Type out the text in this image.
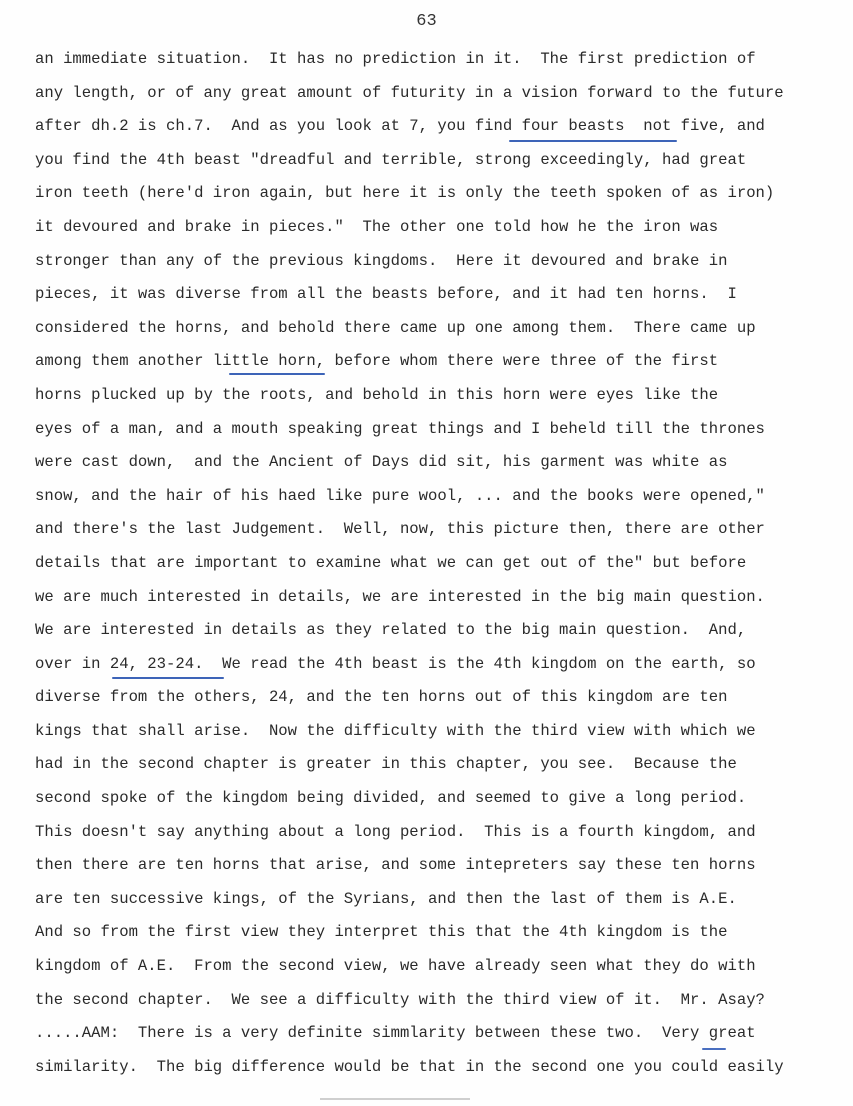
63
an immediate situation.  It has no prediction in it.  The first prediction of
any length, or of any great amount of futurity in a vision forward to the future
after dh.2 is ch.7.  And as you look at 7, you find four beasts  not five, and
you find the 4th beast "dreadful and terrible, strong exceedingly, had great
iron teeth (here'd iron again, but here it is only the teeth spoken of as iron)
it devoured and brake in pieces."  The other one told how he the iron was
stronger than any of the previous kingdoms.  Here it devoured and brake in
pieces, it was diverse from all the beasts before, and it had ten horns.  I
considered the horns, and behold there came up one among them.  There came up
among them another little horn, before whom there were three of the first
horns plucked up by the roots, and behold in this horn were eyes like the
eyes of a man, and a mouth speaking great things and I beheld till the thrones
were cast down,  and the Ancient of Days did sit, his garment was white as
snow, and the hair of his haed like pure wool, ... and the books were opened,"
and there's the last Judgement.  Well, now, this picture then, there are other
details that are important to examine what we can get out of the" but before
we are much interested in details, we are interested in the big main question.
We are interested in details as they related to the big main question.  And,
over in 24, 23-24.  We read the 4th beast is the 4th kingdom on the earth, so
diverse from the others, 24, and the ten horns out of this kingdom are ten
kings that shall arise.  Now the difficulty with the third view with which we
had in the second chapter is greater in this chapter, you see.  Because the
second spoke of the kingdom being divided, and seemed to give a long period.
This doesn't say anything about a long period.  This is a fourth kingdom, and
then there are ten horns that arise, and some intepreters say these ten horns
are ten successive kings, of the Syrians, and then the last of them is A.E.
And so from the first view they interpret this that the 4th kingdom is the
kingdom of A.E.  From the second view, we have already seen what they do with
the second chapter.  We see a difficulty with the third view of it.  Mr. Asay?
.....AAM:  There is a very definite simmlarity between these two.  Very great
similarity.  The big difference would be that in the second one you could easily
